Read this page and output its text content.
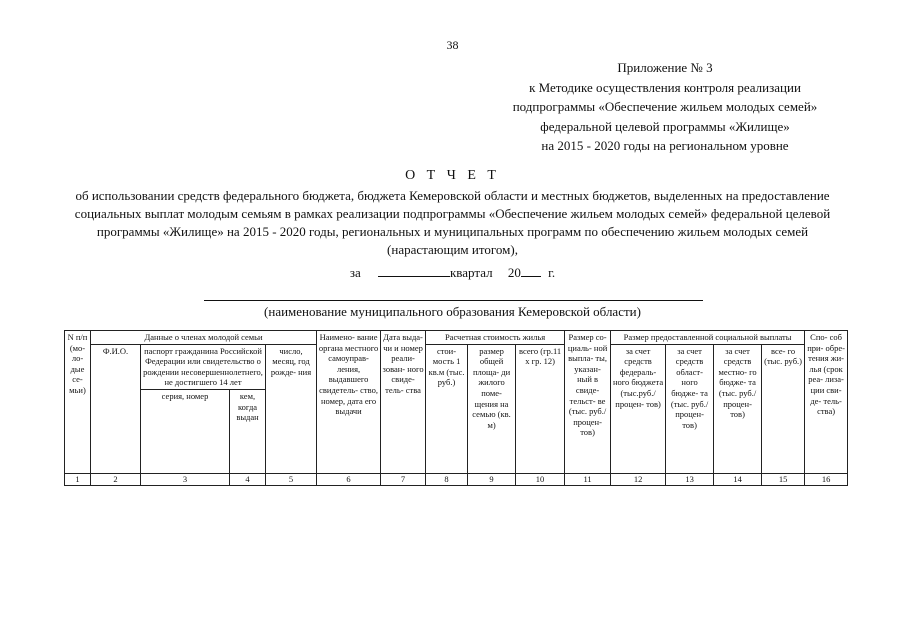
38
Приложение № 3
к Методике осуществления контроля реализации
подпрограммы «Обеспечение жильем молодых семей»
федеральной целевой программы «Жилище»
на 2015 - 2020 годы на региональном уровне
О Т Ч Е Т
об использовании средств федерального бюджета, бюджета Кемеровской области и местных бюджетов, выделенных на предоставление социальных выплат молодым семьям в рамках реализации подпрограммы «Обеспечение жильем молодых семей» федеральной целевой программы «Жилище» на 2015 - 2020 годы, региональных и муниципальных программ по обеспечению жильем молодых семей (нарастающим итогом),
за	квартал 20 г.
(наименование муниципального образования Кемеровской области)
N п/п (мо- ло- дые се- мьи)	Данные о членах молодой семьи				Наимено- вание органа местного самоуправ- ления, выдавшего свидетель- ство, номер, дата его выдачи	Дата выда- чи и номер реали- зован- ного свиде- тель- ства	Расчетная стоимость жилья			Размер со- циаль- ной выпла- ты, указан- ный в свиде- тельст- ве (тыс. руб./ процен- тов)	Размер предоставленной социальной выплаты				Спо- соб при- обре- тения жи- лья (срок реа- лиза- ции сви- де- тель- ства)
	Ф.И.О.	паспорт гражданина Российской Федерации или свидетельство о рождении несовершеннолетнего, не достигшего 14 лет		число, месяц, год рожде- ния			стои- мость 1 кв.м (тыс. руб.)	размер общей площа- ди жилого поме- щения на семью (кв. м)	всего (гр.11 x гр. 12)		за счет средств федераль- ного бюджета (тыс.руб./ процен- тов)	за счет средств област- ного бюдже- та (тыс. руб./ процен- тов)	за счет средств местно- го бюдже- та (тыс. руб./ процен- тов)	все- го (тыс. руб.)	
		серия, номер	кем, когда выдан												
1	2	3	4	5	6	7	8	9	10	11	12	13	14	15	16
